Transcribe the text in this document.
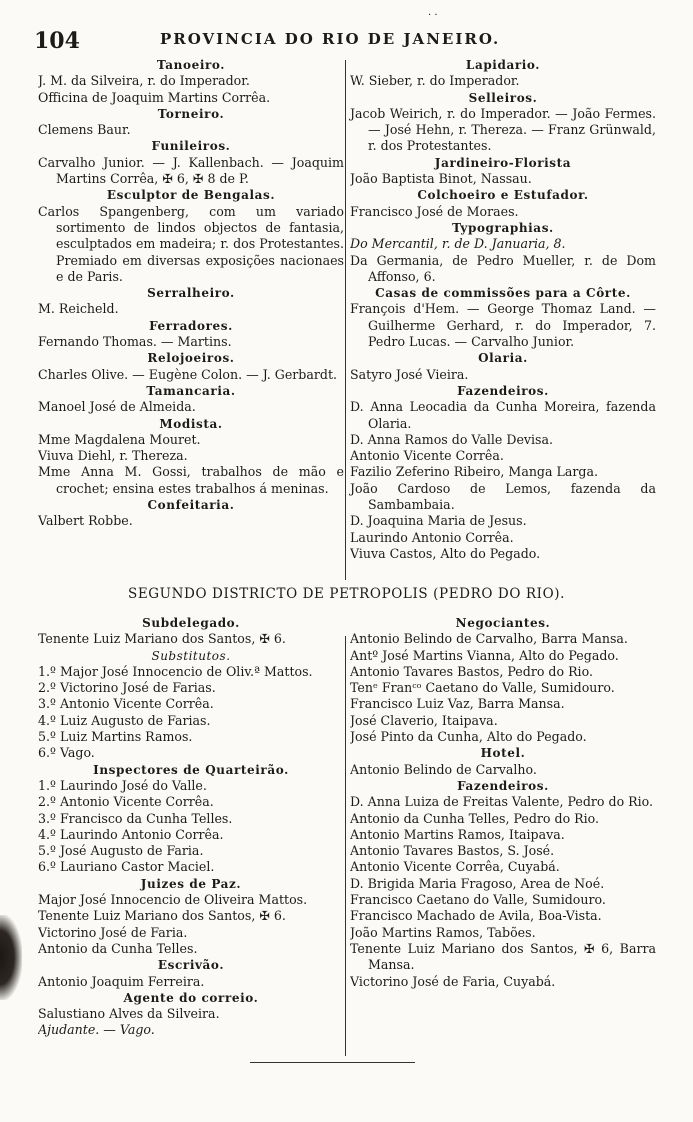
· ·
104	PROVINCIA DO RIO DE JANEIRO.
Tanoeiro.
J. M. da Silveira, r. do Imperador.
Officina de Joaquim Martins Corrêa.
Torneiro.
Clemens Baur.
Funileiros.
Carvalho Junior. — J. Kallenbach. — Joaquim Martins Corrêa, ✠ 6, ✠ 8 de P.
Esculptor de Bengalas.
Carlos Spangenberg, com um variado sortimento de lindos objectos de fantasia, esculptados em madeira; r. dos Protestantes. Premiado em diversas exposições nacionaes e de Paris.
Serralheiro.
M. Reicheld.
Ferradores.
Fernando Thomas. — Martins.
Relojoeiros.
Charles Olive. — Eugène Colon. — J. Gerbardt.
Tamancaria.
Manoel José de Almeida.
Modista.
Mme Magdalena Mouret.
Viuva Diehl, r. Thereza.
Mme Anna M. Gossi, trabalhos de mão e crochet; ensina estes trabalhos á meninas.
Confeitaria.
Valbert Robbe.
Lapidario.
W. Sieber, r. do Imperador.
Selleiros.
Jacob Weirich, r. do Imperador. — João Fermes. — José Hehn, r. Thereza. — Franz Grünwald, r. dos Protestantes.
Jardineiro-Florista
João Baptista Binot, Nassau.
Colchoeiro e Estufador.
Francisco José de Moraes.
Typographias.
Do Mercantil, r. de D. Januaria, 8.
Da Germania, de Pedro Mueller, r. de Dom Affonso, 6.
Casas de commissões para a Côrte.
François d'Hem. — George Thomaz Land. — Guilherme Gerhard, r. do Imperador, 7. Pedro Lucas. — Carvalho Junior.
Olaria.
Satyro José Vieira.
Fazendeiros.
D. Anna Leocadia da Cunha Moreira, fazenda Olaria.
D. Anna Ramos do Valle Devisa.
Antonio Vicente Corrêa.
Fazilio Zeferino Ribeiro, Manga Larga.
João Cardoso de Lemos, fazenda da Sambambaia.
D. Joaquina Maria de Jesus.
Laurindo Antonio Corrêa.
Viuva Castos, Alto do Pegado.
SEGUNDO DISTRICTO DE PETROPOLIS (PEDRO DO RIO).
Subdelegado.
Tenente Luiz Mariano dos Santos, ✠ 6.
Substitutos.
1.º Major José Innocencio de Oliv.ª Mattos.
2.º Victorino José de Farias.
3.º Antonio Vicente Corrêa.
4.º Luiz Augusto de Farias.
5.º Luiz Martins Ramos.
6.º Vago.
Inspectores de Quarteirão.
1.º Laurindo José do Valle.
2.º Antonio Vicente Corrêa.
3.º Francisco da Cunha Telles.
4.º Laurindo Antonio Corrêa.
5.º José Augusto de Faria.
6.º Lauriano Castor Maciel.
Juizes de Paz.
Major José Innocencio de Oliveira Mattos.
Tenente Luiz Mariano dos Santos, ✠ 6.
Victorino José de Faria.
Antonio da Cunha Telles.
Escrivão.
Antonio Joaquim Ferreira.
Agente do correio.
Salustiano Alves da Silveira.
Ajudante. — Vago.
Negociantes.
Antonio Belindo de Carvalho, Barra Mansa.
Antº José Martins Vianna, Alto do Pegado.
Antonio Tavares Bastos, Pedro do Rio.
Tenᵉ Franᶜᵒ Caetano do Valle, Sumidouro.
Francisco Luiz Vaz, Barra Mansa.
José Claverio, Itaipava.
José Pinto da Cunha, Alto do Pegado.
Hotel.
Antonio Belindo de Carvalho.
Fazendeiros.
D. Anna Luiza de Freitas Valente, Pedro do Rio.
Antonio da Cunha Telles, Pedro do Rio.
Antonio Martins Ramos, Itaipava.
Antonio Tavares Bastos, S. José.
Antonio Vicente Corrêa, Cuyabá.
D. Brigida Maria Fragoso, Area de Noé.
Francisco Caetano do Valle, Sumidouro.
Francisco Machado de Avila, Boa-Vista.
João Martins Ramos, Tabões.
Tenente Luiz Mariano dos Santos, ✠ 6, Barra Mansa.
Victorino José de Faria, Cuyabá.
